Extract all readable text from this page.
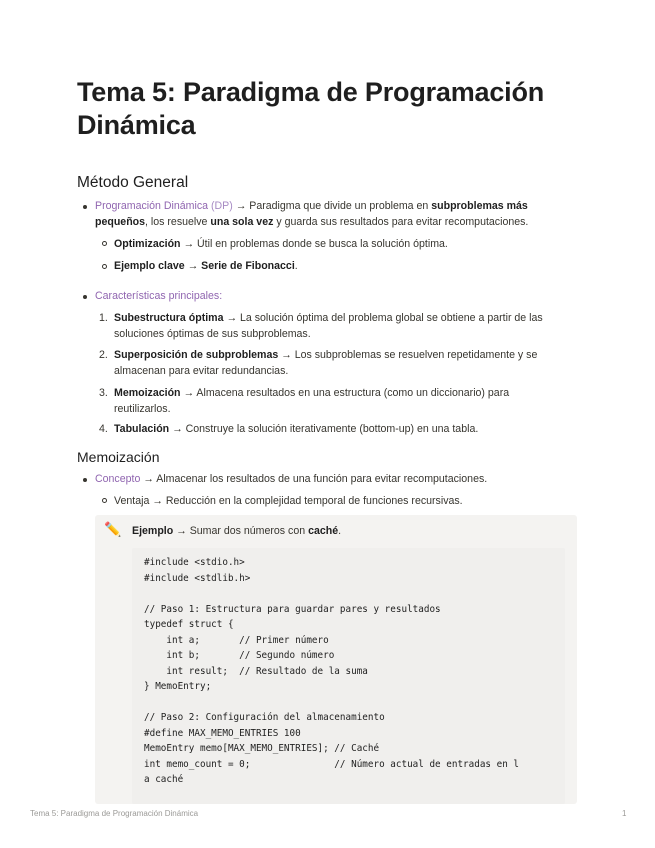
Tema 5: Paradigma de Programación Dinámica
Método General
Programación Dinámica (DP) → Paradigma que divide un problema en subproblemas más
pequeños, los resuelve una sola vez y guarda sus resultados para evitar recomputaciones.
Optimización → Útil en problemas donde se busca la solución óptima.
Ejemplo clave → Serie de Fibonacci.
Características principales:
1. Subestructura óptima → La solución óptima del problema global se obtiene a partir de las
soluciones óptimas de sus subproblemas.
2. Superposición de subproblemas → Los subproblemas se resuelven repetidamente y se
almacenan para evitar redundancias.
3. Memoización → Almacena resultados en una estructura (como un diccionario) para
reutilizarlos.
4. Tabulación → Construye la solución iterativamente (bottom-up) en una tabla.
Memoización
Concepto → Almacenar los resultados de una función para evitar recomputaciones.
Ventaja → Reducción en la complejidad temporal de funciones recursivas.
✏️ Ejemplo → Sumar dos números con caché.
#include <stdio.h>
#include <stdlib.h>

// Paso 1: Estructura para guardar pares y resultados
typedef struct {
int a;       // Primer número
int b;       // Segundo número
int result;  // Resultado de la suma
} MemoEntry;

// Paso 2: Configuración del almacenamiento
#define MAX_MEMO_ENTRIES 100
MemoEntry memo[MAX_MEMO_ENTRIES]; // Caché
int memo_count = 0;               // Número actual de entradas en l
a caché
Tema 5: Paradigma de Programación Dinámica	1
